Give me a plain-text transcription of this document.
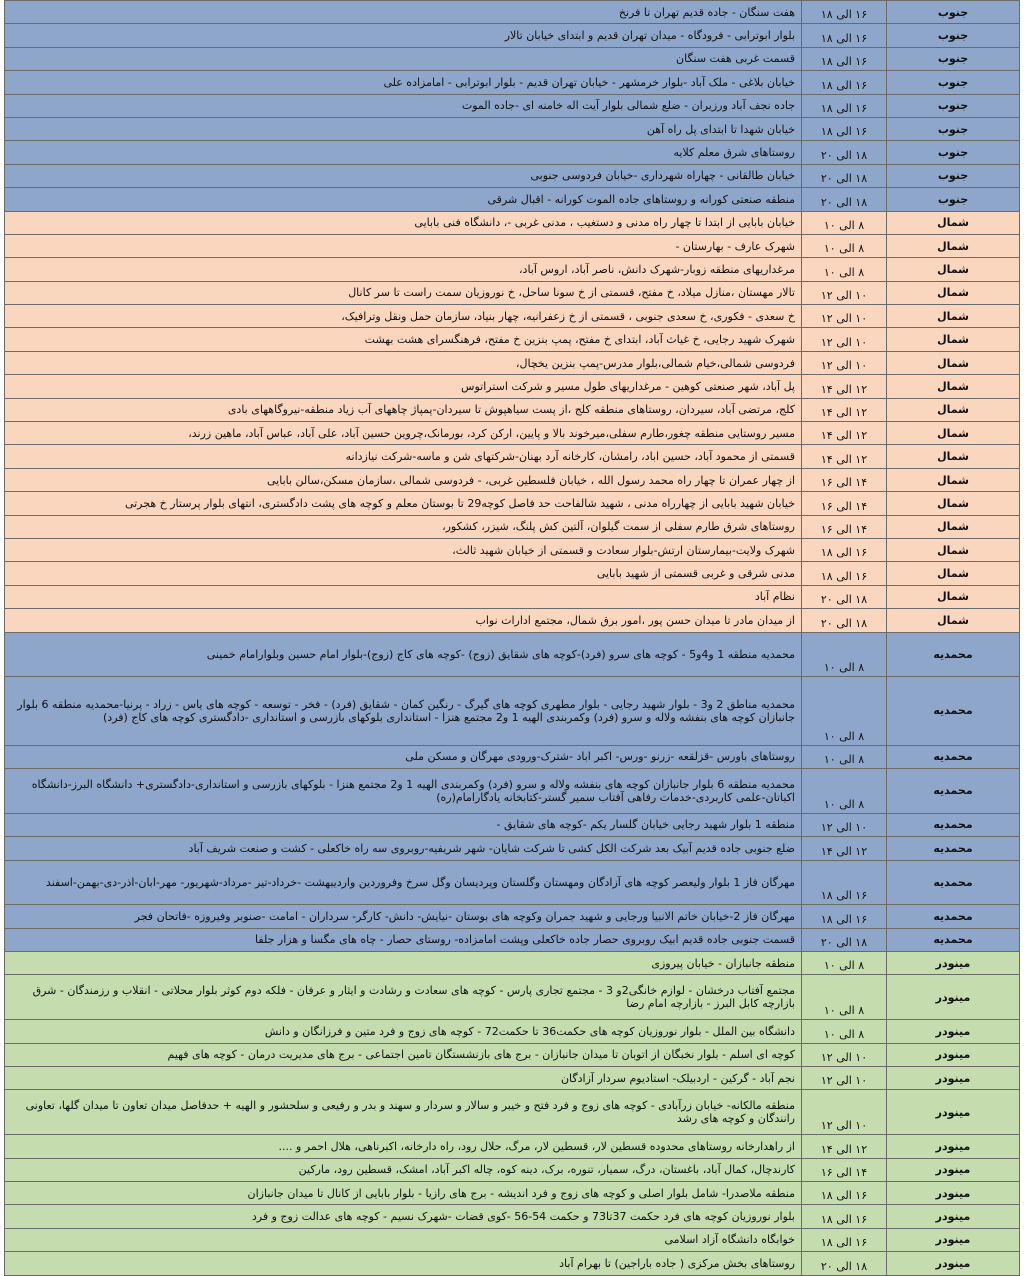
هفت سنگان - جاده قدیم تهران تا فرنخ	۱۶ الی ۱۸	جنوب
بلوار ابوترابی - فرودگاه - میدان تهران قدیم و ابتدای خیابان تالار	۱۶ الی ۱۸	جنوب
قسمت غربی هفت سنگان	۱۶ الی ۱۸	جنوب
خیابان بلاغی - ملک آباد -بلوار خرمشهر - خیابان تهران قدیم - بلوار ابوترابی - امامزاده علی	۱۶ الی ۱۸	جنوب
جاده نجف آباد ورزیران - ضلع شمالی بلوار آیت اله خامنه ای -جاده الموت	۱۶ الی ۱۸	جنوب
خیابان شهدا تا ابتدای پل راه آهن	۱۶ الی ۱۸	جنوب
روستاهای شرق معلم کلایه	۱۸ الی ۲۰	جنوب
خیابان طالقانی - چهاراه شهرداری -خیابان فردوسی جنوبی	۱۸ الی ۲۰	جنوب
منطقه صنعتی کورانه و روستاهای جاده الموت کورانه - اقبال شرقی	۱۸ الی ۲۰	جنوب
خیابان بابایی از ابتدا تا چهار راه مدنی و دستغیب ، مدنی غربی -، دانشگاه فنی بابایی	۸ الی ۱۰	شمال
شهرک عارف - بهارستان -	۸ الی ۱۰	شمال
مرغداریهای منطقه زوبار-شهرک دانش، ناصر آباد، اروس آباد،	۸ الی ۱۰	شمال
تالار مهستان ،منازل میلاد، خ مفتح، قسمتی از خ سونا ساحل، خ نوروزیان سمت راست تا سر کانال	۱۰ الی ۱۲	شمال
خ سعدی - فکوری، خ سعدی جنوبی ، قسمتی از خ زعفرانیه، چهار بنیاد، سازمان حمل ونقل وترافیک،	۱۰ الی ۱۲	شمال
شهرک شهید رجایی، خ غیاث آباد، ابتدای خ مفتح، پمپ بنزین خ مفتح، فرهنگسرای هشت بهشت	۱۰ الی ۱۲	شمال
فردوسی شمالی،خیام شمالی،بلوار مدرس-پمپ بنزین یخچال،	۱۰ الی ۱۲	شمال
پل آباد، شهر صنعتی کوهین - مرغداریهای طول مسیر و شرکت استراتوس	۱۲ الی ۱۴	شمال
کلج، مرتضی آباد، سیردان، روستاهای منطقه کلج ،از پست سیاهپوش تا سیردان-پمپاژ چاههای آب زیاد منطقه-نیروگاههای بادی	۱۲ الی ۱۴	شمال
مسیر روستایی منطقه چغور،طارم سفلی،میرخوند بالا و پایین، ارکن کرد، بورمانک،چروین حسین آباد، علی آباد، عباس آباد، ماهین زرند،	۱۲ الی ۱۴	شمال
قسمتی از محمود آباد، حسین اباد، رامشان، کارخانه آرد بهنان-شرکتهای شن و ماسه-شرکت نیازدانه	۱۲ الی ۱۴	شمال
از چهار عمران تا چهار راه محمد رسول الله ، خیابان فلسطین غربی، - فردوسی شمالی ،سازمان مسکن،سالن بابایی	۱۴ الی ۱۶	شمال
خیابان شهید بابایی از چهارراه مدنی ، شهید شالفاحت حد فاصل کوچه29 تا بوستان معلم و کوچه های پشت دادگستری، انتهای بلوار پرستار خ هجرتی	۱۴ الی ۱۶	شمال
روستاهای شرق طارم سفلی از سمت گیلوان، آلتین کش پلنگ، شیزر، کشکور،	۱۴ الی ۱۶	شمال
شهرک ولایت-بیمارستان ارتش-بلوار سعادت و قسمتی از خیابان شهید ثالث،	۱۶ الی ۱۸	شمال
مدنی شرقی و غربی قسمتی از شهید بابایی	۱۶ الی ۱۸	شمال
نظام آباد	۱۸ الی ۲۰	شمال
از میدان مادر تا میدان حسن پور ،امور برق شمال، مجتمع ادارات نواب	۱۸ الی ۲۰	شمال
محمدیه منطقه 1 و4و5 - کوچه های سرو (فرد)-کوچه های شقایق (زوج) -کوچه های کاج (زوج)-بلوار امام حسین وبلوارامام خمینی	۸ الی ۱۰	محمدیه
محمدیه مناطق 2 و3 - بلوار شهید رجایی - بلوار مطهری کوچه های گیرگ - رنگین کمان - شقایق (فرد) - فخر - توسعه - کوچه های یاس - زراد - پرنیا-محمدیه منطقه 6 بلوار جانبازان کوچه های بنفشه ولاله و سرو (فرد) وکمربندی الهیه 1 و2 مجتمع هنزا - استانداری بلوکهای بازرسی و استانداری -دادگستری کوچه های کاج (فرد)	۸ الی ۱۰	محمدیه
روستاهای باورس -قزلقعه -زرنو -ورس- اکبر اباد -شترک-ورودی مهرگان و مسکن ملی	۸ الی ۱۰	محمدیه
محمدیه منطقه 6 بلوار جانبازان کوچه های بنفشه ولاله و سرو (فرد) وکمربندی الهیه 1 و2 مجتمع هنزا - بلوکهای بازرسی و استانداری-دادگستری+ دانشگاه البرز-دانشگاه اکباتان-علمی کاربردی-خدمات رفاهی آفتاب سمیر گستر-کتابخانه یادگارامام(ره)	۸ الی ۱۰	محمدیه
منطقه 1 بلوار شهید رجایی خیابان گلسار یکم -کوچه های شقایق -	۱۰ الی ۱۲	محمدیه
ضلع جنوبی جاده قدیم آبیک بعد شرکت الکل کشی تا شرکت شایان- شهر شریفیه-روبروی سه راه خاکعلی - کشت و صنعت شریف آباد	۱۲ الی ۱۴	محمدیه
مهرگان فاز 1 بلوار ولیعصر کوچه های آزادگان ومهستان وگلستان وپردیسان وگل سرخ وفروردین واردیبهشت -خرداد-تیر -مرداد-شهریور- مهر-ابان-اذر-دی-بهمن-اسفند	۱۶ الی ۱۸	محمدیه
مهرگان فاز 2-خیابان خاتم الانبیا ورجایی و شهید جمران وکوچه های بوستان -نیایش- دانش- کارگر- سرداران - امامت -صنوبر وفیروزه -فاتحان فجر	۱۶ الی ۱۸	محمدیه
قسمت جنوبی جاده قدیم ابیک روبروی حصار جاده خاکعلی وپشت امامزاده- روستای حصار - چاه های مگسا و هزار جلفا	۱۸ الی ۲۰	محمدیه
منطقه جانبازان - خیابان پیروزی	۸ الی ۱۰	مینودر
مجتمع آفتاب درخشان - لوازم خانگی2و 3 - مجتمع تجاری پارس - کوچه های سعادت و رشادت و ایثار و عرفان - فلکه دوم کوثر بلوار محلاتی - انقلاب و رزمندگان - شرق بازارچه کابل البرز - بازارچه امام رضا	۸ الی ۱۰	مینودر
دانشگاه بین الملل - بلوار نوروزیان کوچه های حکمت36 تا حکمت72 - کوچه های زوج و فرد متین و فرزانگان و دانش	۸ الی ۱۰	مینودر
کوچه ای اسلم - بلوار نخبگان از اتوبان تا میدان جانبازان - برج های بازنشستگان تامین اجتماعی - برج های مدیریت درمان - کوچه های فهیم	۱۰ الی ۱۲	مینودر
نجم آباد - گرکین - اردبیلک- استادیوم سردار آزادگان	۱۰ الی ۱۲	مینودر
منطقه مالکانه- خیابان زرآبادی - کوچه های زوج و فرد فتح و خیبر و سالار و سردار و سهند و بدر و رفیعی و سلحشور و الهیه + حدفاصل میدان تعاون تا میدان گلها، تعاونی رانندگان و کوچه های رشد	۱۰ الی ۱۲	مینودر
از راهدارخانه روستاهای محدوده قسطین لار، قسطین لار، مرگ، حلال رود، راه دارخانه، اکبرناهی، هلال احمر و ....	۱۲ الی ۱۴	مینودر
کارندچال، کمال آباد، باغستان، درگ، سمیار، تنوره، برک، دینه کوه، چاله اکبر آباد، امشک، قسطین رود، مارکین	۱۴ الی ۱۶	مینودر
منطقه ملاصدرا- شامل بلوار اصلی و کوچه های زوج و فرد اندیشه - برج های رازیا - بلوار بابایی از کانال تا میدان جانبازان	۱۶ الی ۱۸	مینودر
بلوار نوروزیان کوچه های فرد حکمت 37تا73 و حکمت 54-56 -کوی قضات -شهرک نسیم - کوچه های عدالت زوج و فرد	۱۶ الی ۱۸	مینودر
خوابگاه دانشگاه آزاد اسلامی	۱۶ الی ۱۸	مینودر
روستاهای بخش مرکزی ( جاده باراجین) تا بهرام آباد	۱۸ الی ۲۰	مینودر
